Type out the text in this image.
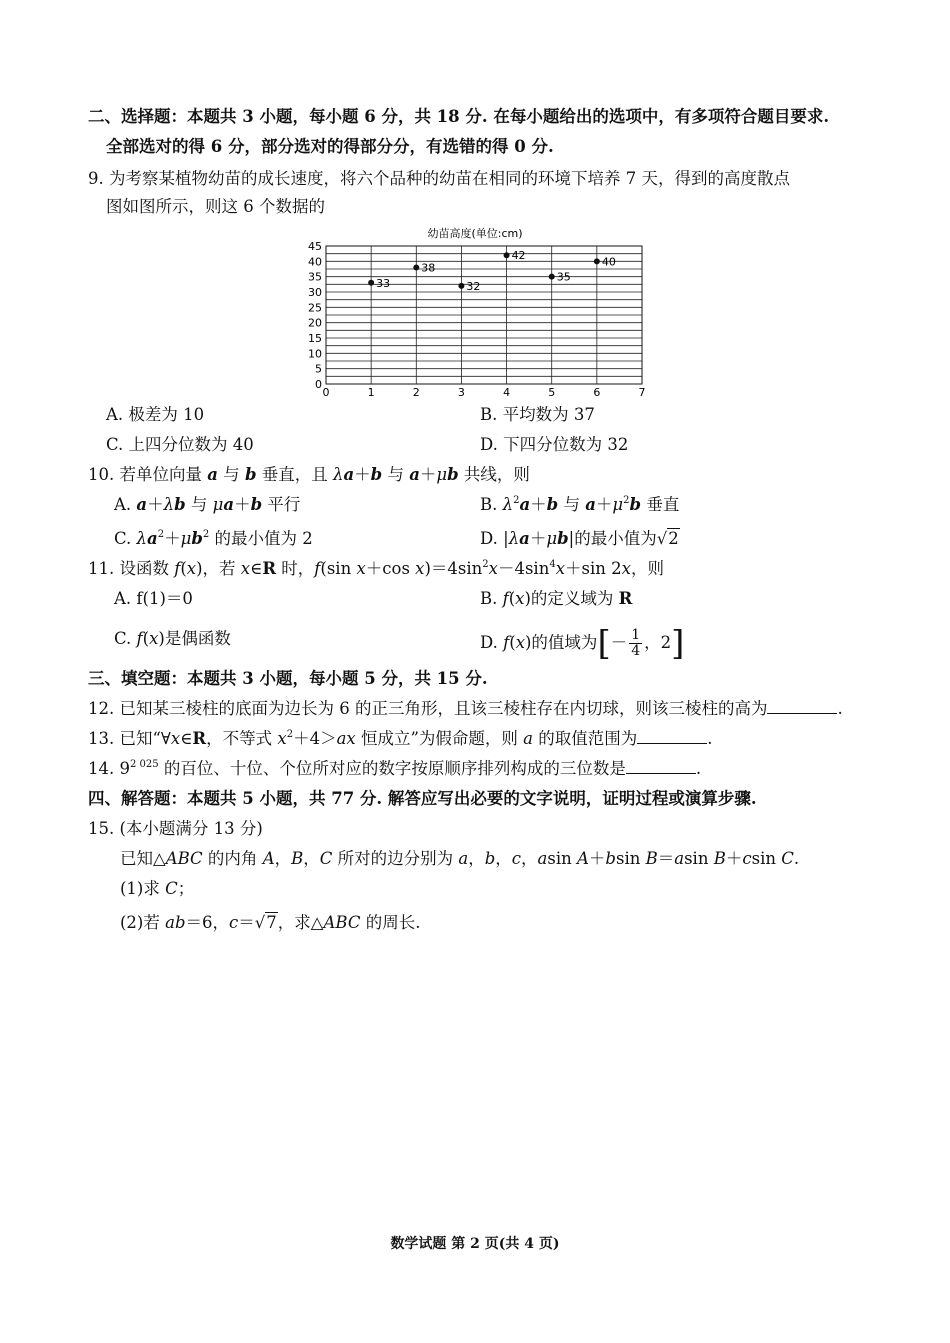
二、选择题：本题共 3 小题，每小题 6 分，共 18 分. 在每小题给出的选项中，有多项符合题目要求.
全部选对的得 6 分，部分选对的得部分分，有选错的得 0 分.
9. 为考察某植物幼苗的成长速度，将六个品种的幼苗在相同的环境下培养 7 天，得到的高度散点
图如图所示，则这 6 个数据的
幼苗高度(单位:cm)
0
5
10
15
20
25
30
35
40
45
0	1	2	3	4	5	6	7
33
38
32
42
35
40
A. 极差为 10	B. 平均数为 37
C. 上四分位数为 40	D. 下四分位数为 32
10. 若单位向量 a 与 b 垂直，且 λa＋b 与 a＋μb 共线，则
A. a＋λb 与 μa＋b 平行	B. $\lambda^2a+b$ 与 $a+\mu^2b$ 垂直
C. $\lambda a^2+\mu b^2$ 的最小值为 2	D. |λa＋μb|的最小值为√2
11. 设函数 f(x)，若 x∈R 时，f(sin x＋cos $x)=4\sin^2x-4\sin^4x+\sin$ 2x，则
A. f(1)＝0	B. f(x)的定义域为 R
C. f(x)是偶函数	D. f(x)的值域为[－ $\frac{1}{4}$ ，2]
三、填空题：本题共 3 小题，每小题 5 分，共 15 分.
12. 已知某三棱柱的底面为边长为 6 的正三角形，且该三棱柱存在内切球，则该三棱柱的高为	.
13. 已知“∀x∈R，不等式 $x^2+4>ax$ 恒成立”为假命题，则 a 的取值范围为	.
14. $9^{2 025}$ 的百位、十位、个位所对应的数字按原顺序排列构成的三位数是	.
四、解答题：本题共 5 小题，共 77 分. 解答应写出必要的文字说明，证明过程或演算步骤.
15. (本小题满分 13 分)
已知△ABC 的内角 A，B，C 所对的边分别为 a，b，c，asin A＋bsin B＝asin B＋csin C.
(1)求 C；
(2)若 ab＝6，c＝√7，求△ABC 的周长.
数学试题 第 2 页(共 4 页)
